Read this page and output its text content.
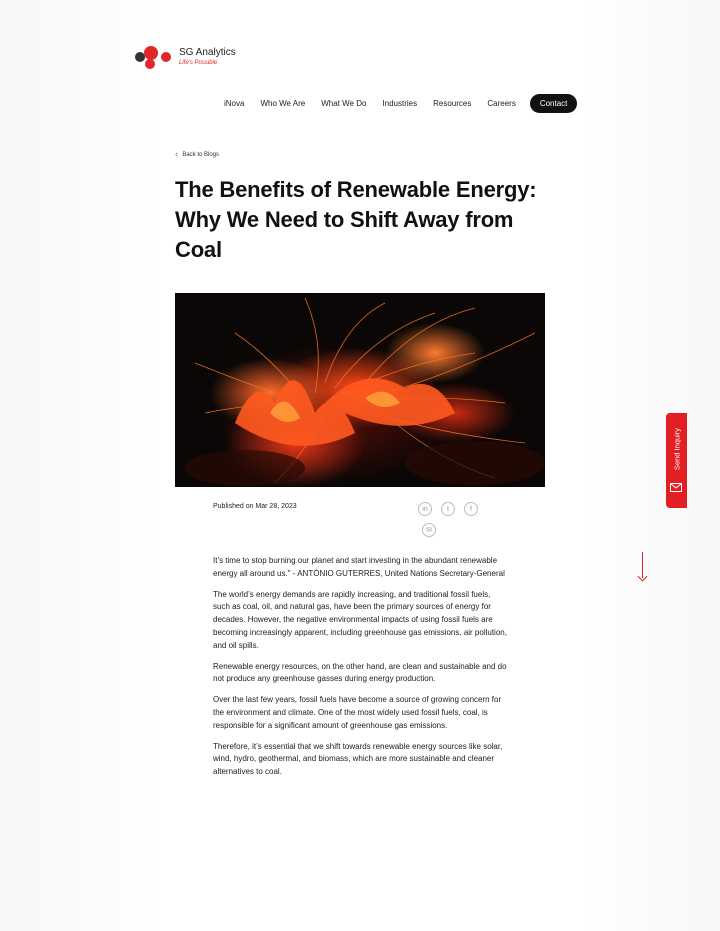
SG Analytics
Life's Possible
iNova Who We Are What We Do Industries Resources Careers	Contact
‹ Back to Blogs
The Benefits of Renewable Energy: Why We Need to Shift Away from Coal
Published on Mar 28, 2023	in	t	f
✉

It’s time to stop burning our planet and start investing in the abundant renewable energy all around us." - ANTÓNIO GUTERRES, United Nations Secretary-General

The world’s energy demands are rapidly increasing, and traditional fossil fuels, such as coal, oil, and natural gas, have been the primary sources of energy for decades. However, the negative environmental impacts of using fossil fuels are becoming increasingly apparent, including greenhouse gas emissions, air pollution, and oil spills.

Renewable energy resources, on the other hand, are clean and sustainable and do not produce any greenhouse gasses during energy production.

Over the last few years, fossil fuels have become a source of growing concern for the environment and climate. One of the most widely used fossil fuels, coal, is responsible for a significant amount of greenhouse gas emissions.

Therefore, it’s essential that we shift towards renewable energy sources like solar, wind, hydro, geothermal, and biomass, which are more sustainable and cleaner alternatives to coal.

Send Inquiry
